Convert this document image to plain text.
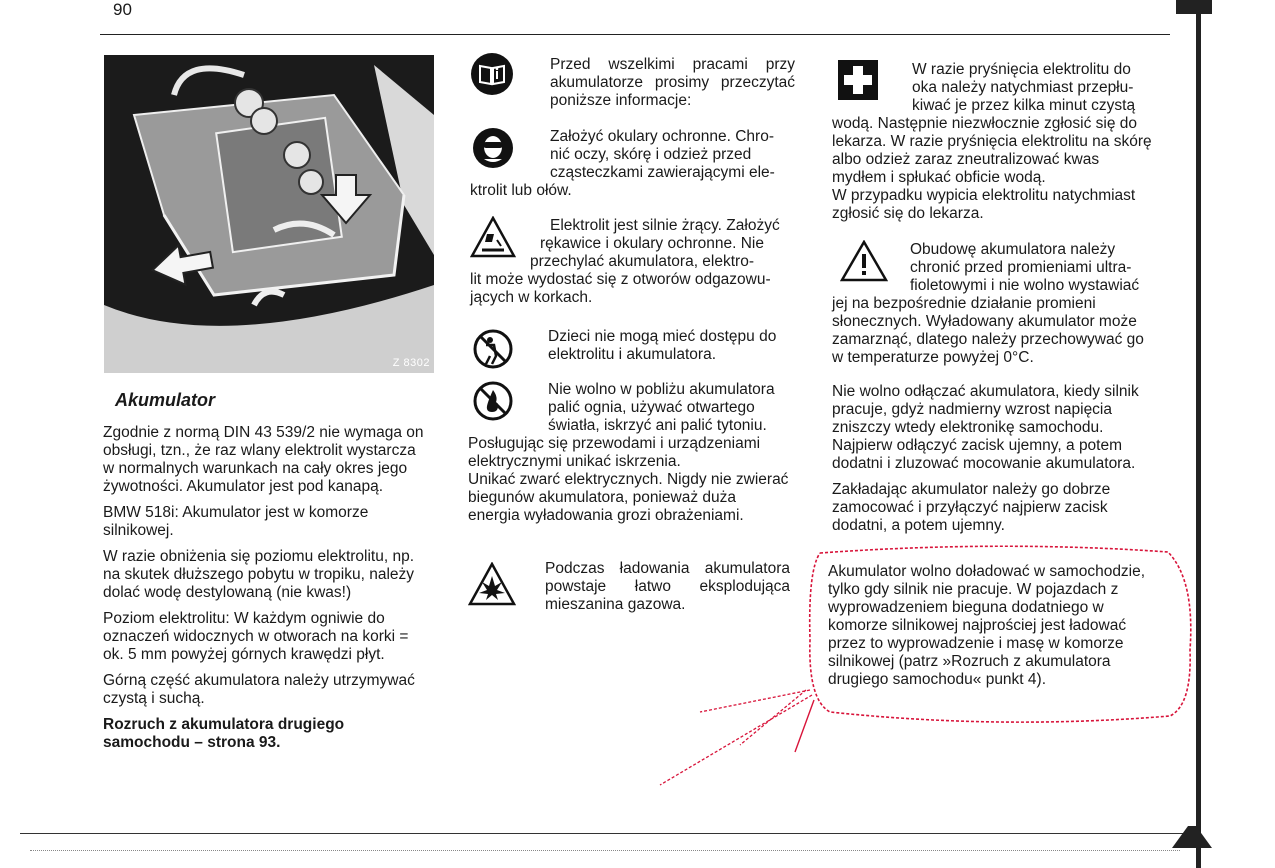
90
Z 8302
Akumulator

Zgodnie z normą DIN 43 539/2 nie wymaga on obsługi, tzn., że raz wlany elektrolit wystarcza w normalnych warunkach na cały okres jego żywotności. Akumulator jest pod kanapą.

BMW 518i: Akumulator jest w komorze silnikowej.

W razie obniżenia się poziomu elektrolitu, np. na skutek dłuższego pobytu w tropiku, należy dolać wodę destylowaną (nie kwas!)

Poziom elektrolitu: W każdym ogniwie do oznaczeń widocznych w otworach na korki = ok. 5 mm powyżej górnych krawędzi płyt.

Górną część akumulatora należy utrzymywać czystą i suchą.

Rozruch z akumulatora drugiego samochodu – strona 93.

Przed wszelkimi pracami przy akumulatorze prosimy przeczytać poniższe informacje:
Założyć okulary ochronne. Chro-
nić oczy, skórę i odzież przed
cząsteczkami zawierającymi ele-
ktrolit lub ołów.
Elektrolit jest silnie żrący. Założyć
rękawice i okulary ochronne. Nie
przechylać akumulatora, elektro-
lit może wydostać się z otworów odgazowu-
jących w korkach.
Dzieci nie mogą mieć dostępu do elektrolitu i akumulatora.
Nie wolno w pobliżu akumulatora
palić ognia, używać otwartego
światła, iskrzyć ani palić tytoniu.
Posługując się przewodami i urządzeniami elektrycznymi unikać iskrzenia.
Unikać zwarć elektrycznych. Nigdy nie zwierać biegunów akumulatora, ponieważ duża energia wyładowania grozi obrażeniami.
Podczas ładowania akumulatora powstaje łatwo eksplodująca mieszanina gazowa.
W razie pryśnięcia elektrolitu do
oka należy natychmiast przepłu-
kiwać je przez kilka minut czystą
wodą. Następnie niezwłocznie zgłosić się do lekarza. W razie pryśnięcia elektrolitu na skórę albo odzież zaraz zneutralizować kwas mydłem i spłukać obficie wodą.
W przypadku wypicia elektrolitu natychmiast zgłosić się do lekarza.
Obudowę akumulatora należy
chronić przed promieniami ultra-
fioletowymi i nie wolno wystawiać
jej na bezpośrednie działanie promieni słonecznych. Wyładowany akumulator może zamarznąć, dlatego należy przechowywać go w temperaturze powyżej 0°C.

Nie wolno odłączać akumulatora, kiedy silnik pracuje, gdyż nadmierny wzrost napięcia zniszczy wtedy elektronikę samochodu. Najpierw odłączyć zacisk ujemny, a potem dodatni i zluzować mocowanie akumulatora.

Zakładając akumulator należy go dobrze zamocować i przyłączyć najpierw zacisk dodatni, a potem ujemny.

Akumulator wolno doładować w samochodzie, tylko gdy silnik nie pracuje. W pojazdach z wyprowadzeniem bieguna dodatniego w komorze silnikowej najprościej jest ładować przez to wyprowadzenie i masę w komorze silnikowej (patrz »Rozruch z akumulatora drugiego samochodu« punkt 4).
